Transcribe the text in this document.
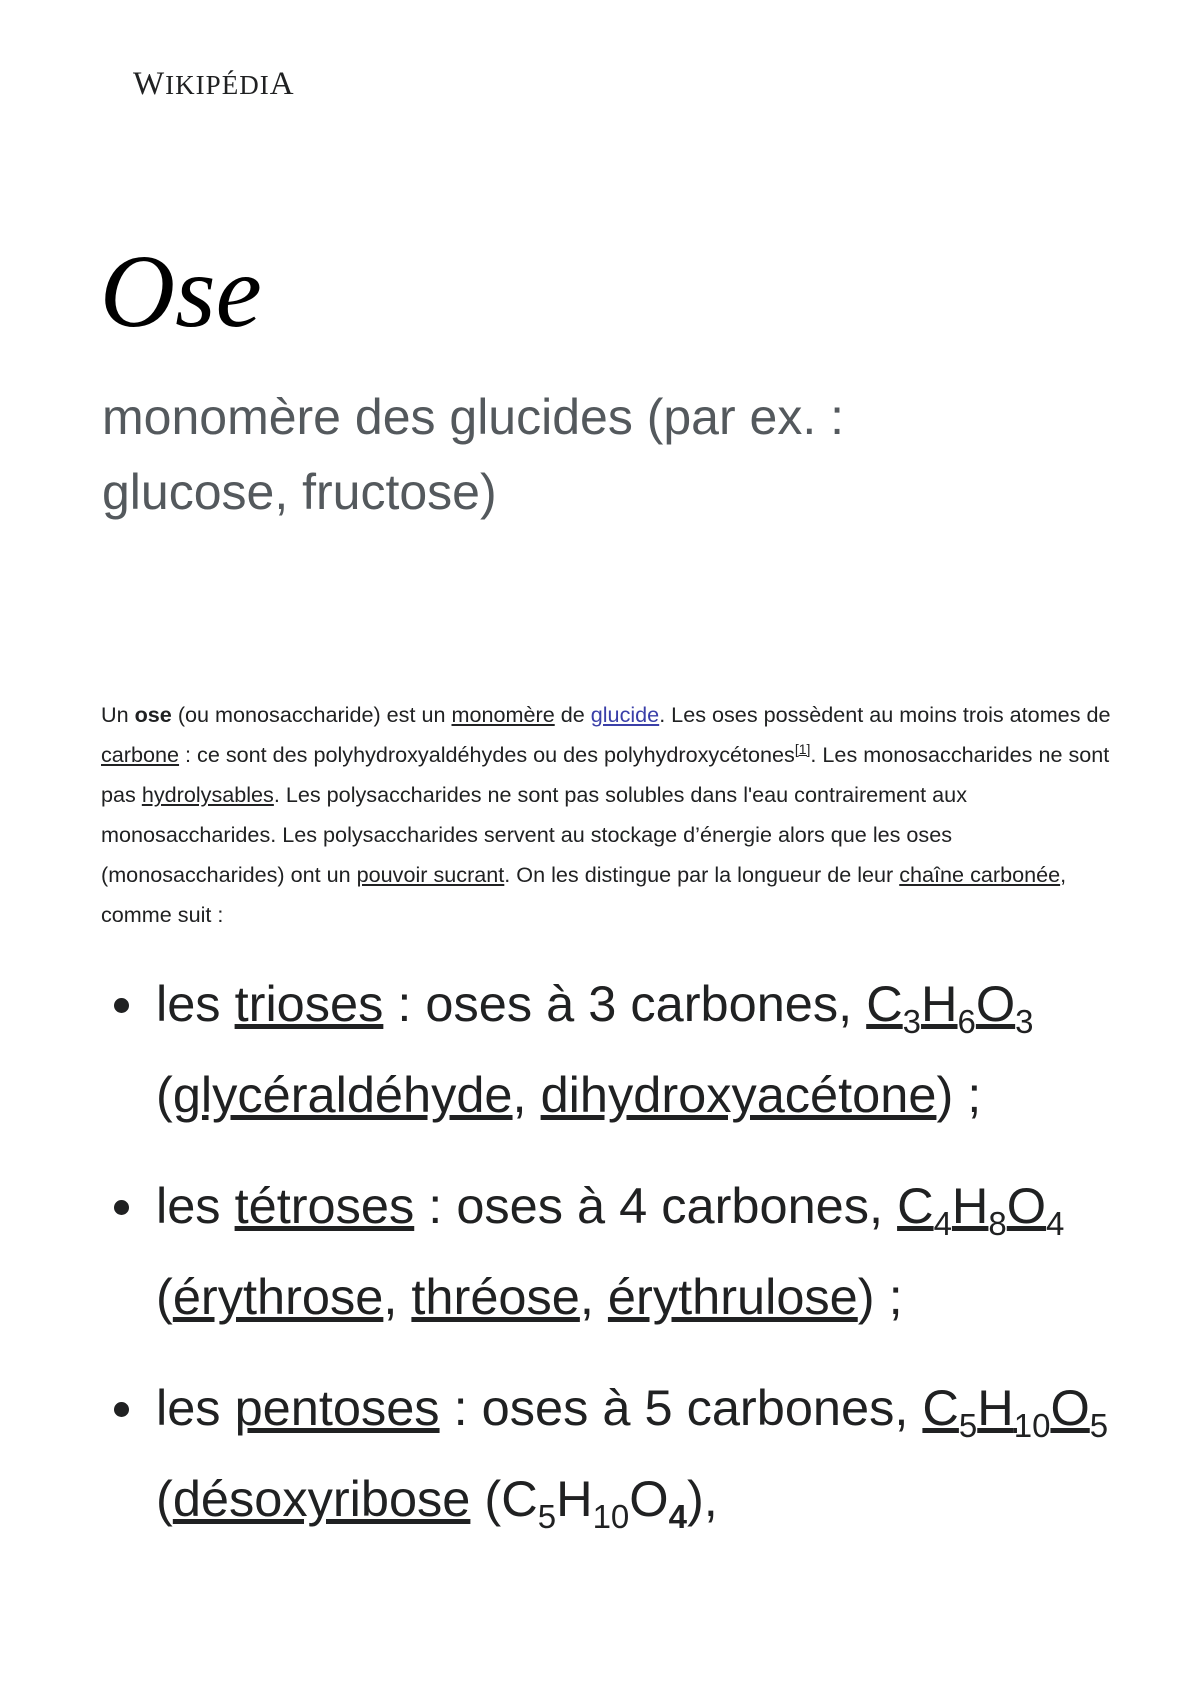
WIKIPÉDIA
Ose

monomère des glucides (par ex. : glucose, fructose)

Un ose (ou monosaccharide) est un monomère de glucide. Les oses possèdent au moins trois atomes de carbone : ce sont des polyhydroxyaldéhydes ou des polyhydroxycétones[1]. Les monosaccharides ne sont pas hydrolysables. Les polysaccharides ne sont pas solubles dans l'eau contrairement aux monosaccharides. Les polysaccharides servent au stockage d’énergie alors que les oses (monosaccharides) ont un pouvoir sucrant. On les distingue par la longueur de leur chaîne carbonée, comme suit :

les trioses : oses à 3 carbones, $C_3H_6O_3$ (glycéraldéhyde, dihydroxyacétone) ;
les tétroses : oses à 4 carbones, $C_4H_8O_4$ (érythrose, thréose, érythrulose) ;
les pentoses : oses à 5 carbones, $C_5H_{10}O_5$ (désoxyribose $(C_5H_{10}O_4)$,
